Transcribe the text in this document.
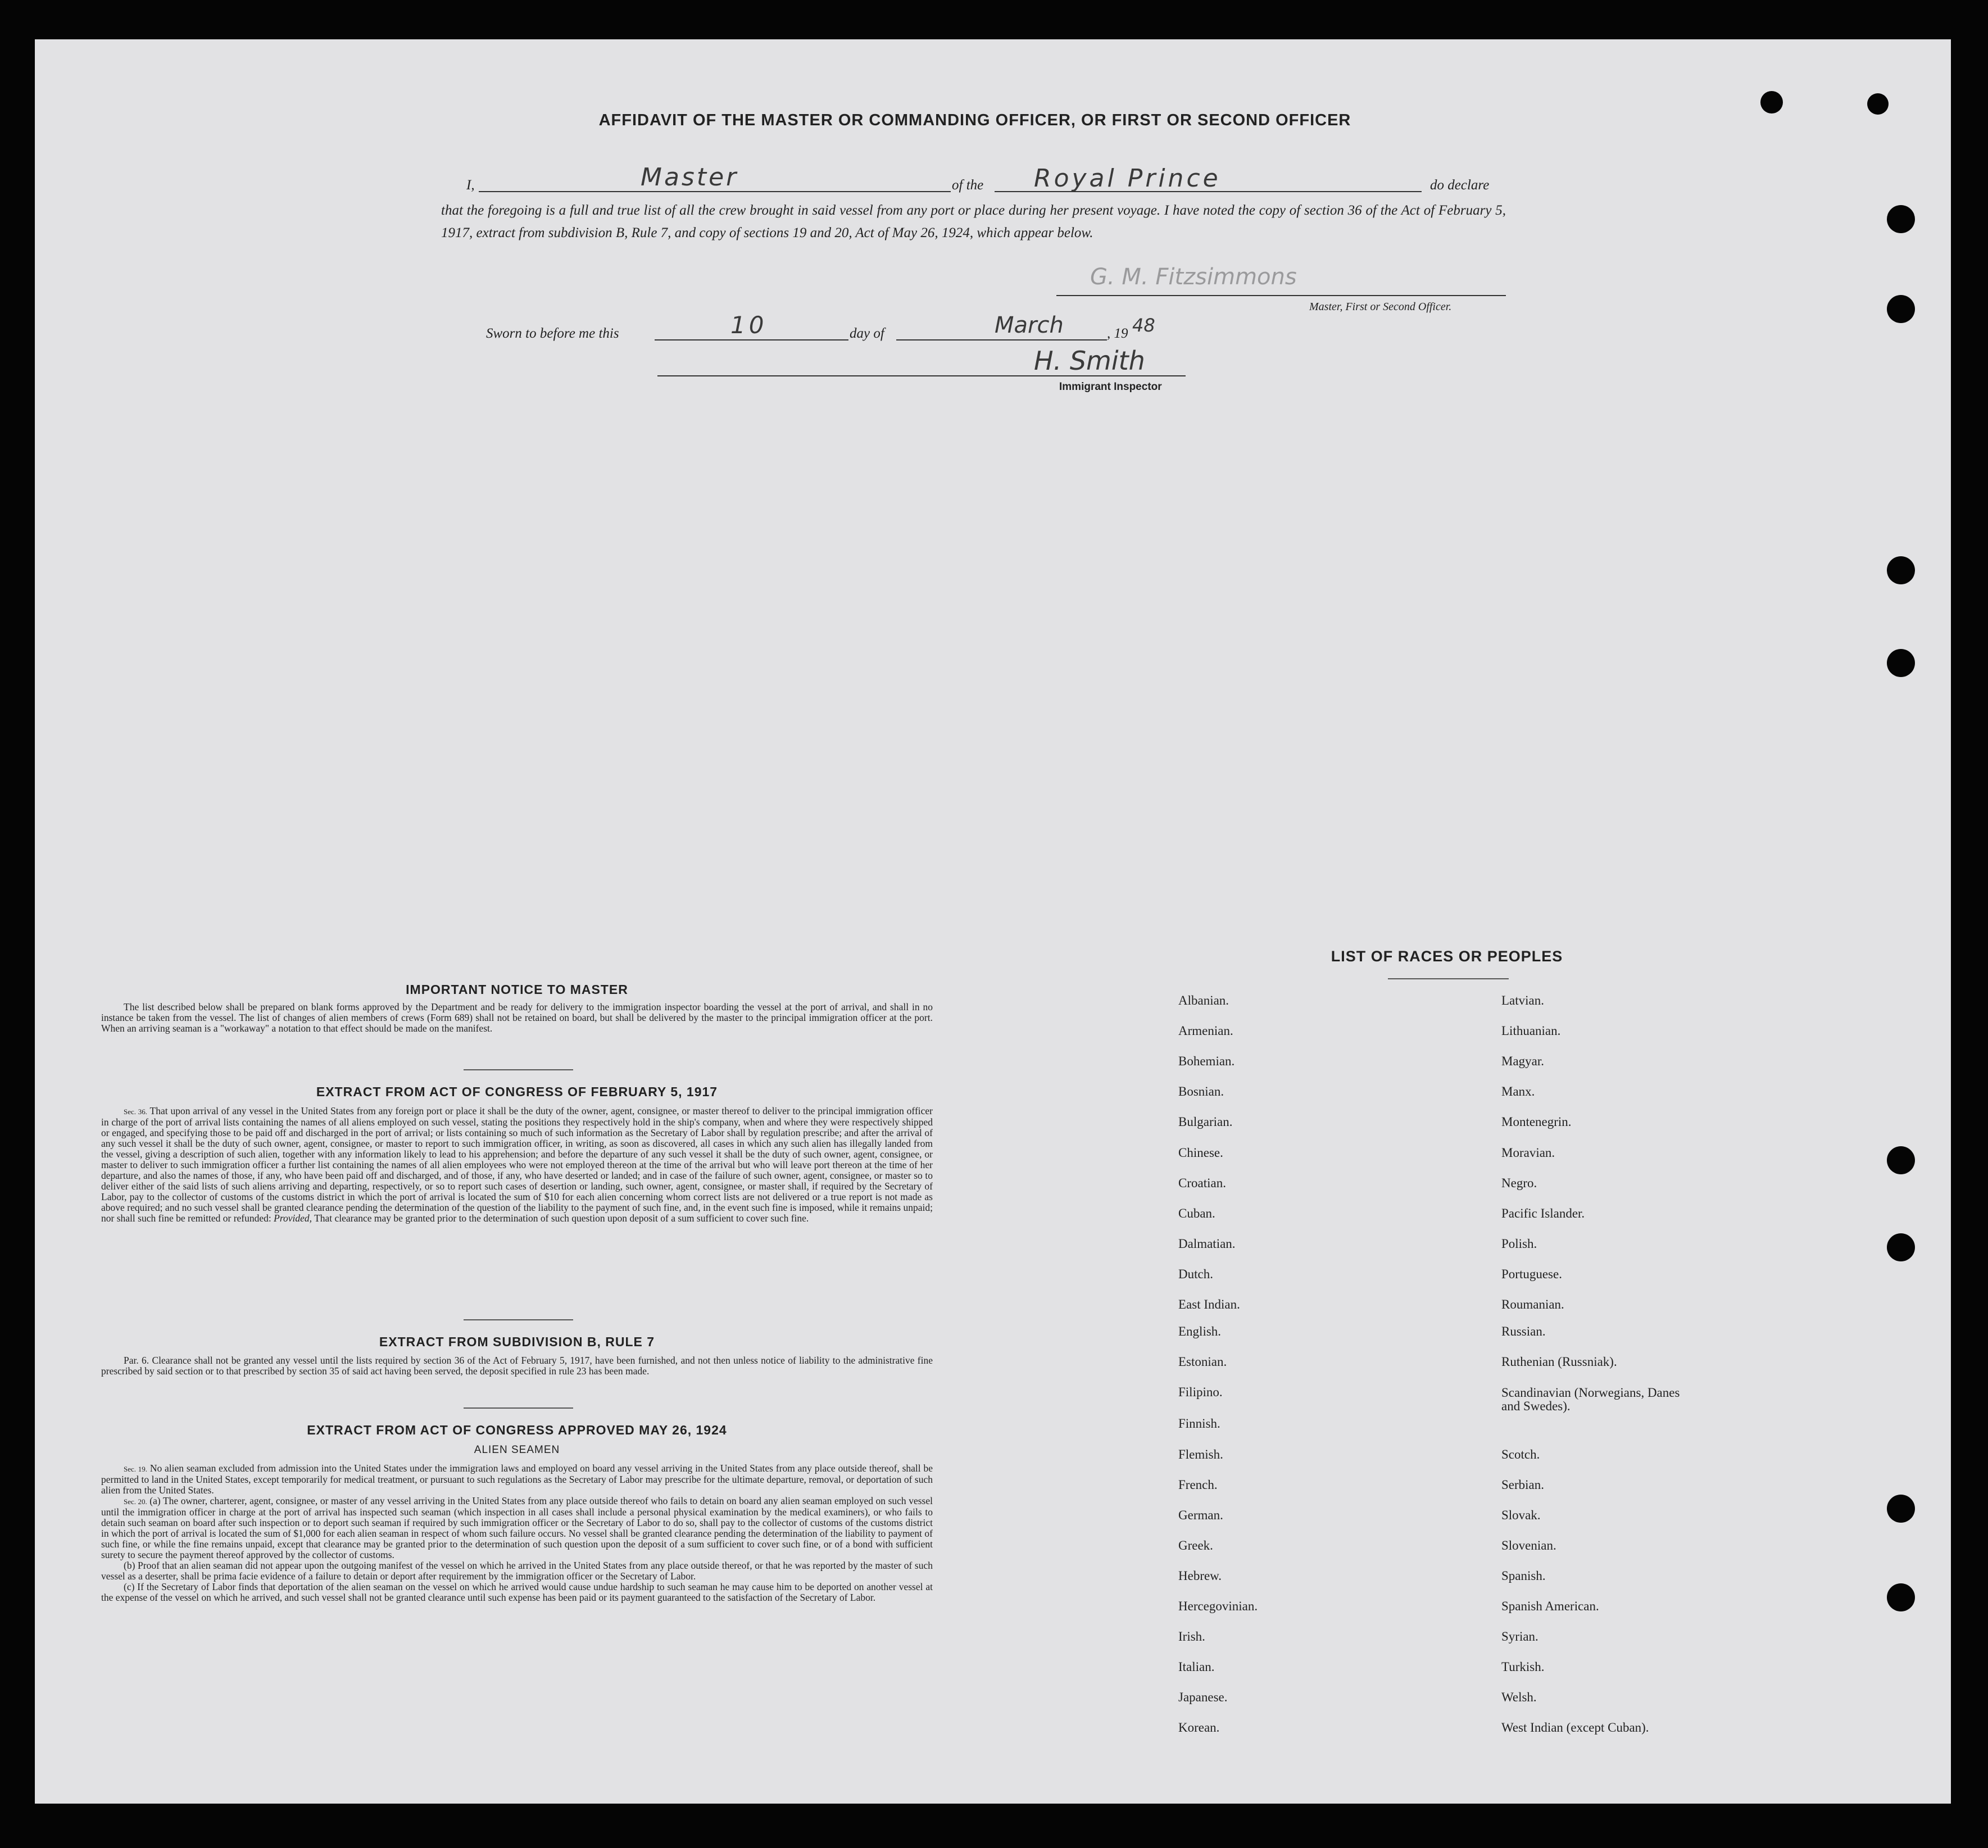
AFFIDAVIT OF THE MASTER OR COMMANDING OFFICER, OR FIRST OR SECOND OFFICER
I,	Master	of the Royal Prince	do declare
that the foregoing is a full and true list of all the crew brought in said vessel from any port or place during her present voyage. I have noted the copy of section 36 of the Act of February 5, 1917, extract from subdivision B, Rule 7, and copy of sections 19 and 20, Act of May 26, 1924, which appear below.
G. M. Fitzsimmons
Master, First or Second Officer.
Sworn to before me this	10	day of	March	, 19 48
H. Smith
Immigrant Inspector
IMPORTANT NOTICE TO MASTER

The list described below shall be prepared on blank forms approved by the Department and be ready for delivery to the immigration inspector boarding the vessel at the port of arrival, and shall in no instance be taken from the vessel. The list of changes of alien members of crews (Form 689) shall not be retained on board, but shall be delivered by the master to the principal immigration officer at the port. When an arriving seaman is a "workaway" a notation to that effect should be made on the manifest.

EXTRACT FROM ACT OF CONGRESS OF FEBRUARY 5, 1917

Sec. 36. That upon arrival of any vessel in the United States from any foreign port or place it shall be the duty of the owner, agent, consignee, or master thereof to deliver to the principal immigration officer in charge of the port of arrival lists containing the names of all aliens employed on such vessel, stating the positions they respectively hold in the ship's company, when and where they were respectively shipped or engaged, and specifying those to be paid off and discharged in the port of arrival; or lists containing so much of such information as the Secretary of Labor shall by regulation prescribe; and after the arrival of any such vessel it shall be the duty of such owner, agent, consignee, or master to report to such immigration officer, in writing, as soon as discovered, all cases in which any such alien has illegally landed from the vessel, giving a description of such alien, together with any information likely to lead to his apprehension; and before the departure of any such vessel it shall be the duty of such owner, agent, consignee, or master to deliver to such immigration officer a further list containing the names of all alien employees who were not employed thereon at the time of the arrival but who will leave port thereon at the time of her departure, and also the names of those, if any, who have been paid off and discharged, and of those, if any, who have deserted or landed; and in case of the failure of such owner, agent, consignee, or master so to deliver either of the said lists of such aliens arriving and departing, respectively, or so to report such cases of desertion or landing, such owner, agent, consignee, or master shall, if required by the Secretary of Labor, pay to the collector of customs of the customs district in which the port of arrival is located the sum of $10 for each alien concerning whom correct lists are not delivered or a true report is not made as above required; and no such vessel shall be granted clearance pending the determination of the question of the liability to the payment of such fine, and, in the event such fine is imposed, while it remains unpaid; nor shall such fine be remitted or refunded: Provided, That clearance may be granted prior to the determination of such question upon deposit of a sum sufficient to cover such fine.

EXTRACT FROM SUBDIVISION B, RULE 7

Par. 6. Clearance shall not be granted any vessel until the lists required by section 36 of the Act of February 5, 1917, have been furnished, and not then unless notice of liability to the administrative fine prescribed by said section or to that prescribed by section 35 of said act having been served, the deposit specified in rule 23 has been made.

EXTRACT FROM ACT OF CONGRESS APPROVED MAY 26, 1924
ALIEN SEAMEN

Sec. 19. No alien seaman excluded from admission into the United States under the immigration laws and employed on board any vessel arriving in the United States from any place outside thereof, shall be permitted to land in the United States, except temporarily for medical treatment, or pursuant to such regulations as the Secretary of Labor may prescribe for the ultimate departure, removal, or deportation of such alien from the United States.

Sec. 20. (a) The owner, charterer, agent, consignee, or master of any vessel arriving in the United States from any place outside thereof who fails to detain on board any alien seaman employed on such vessel until the immigration officer in charge at the port of arrival has inspected such seaman (which inspection in all cases shall include a personal physical examination by the medical examiners), or who fails to detain such seaman on board after such inspection or to deport such seaman if required by such immigration officer or the Secretary of Labor to do so, shall pay to the collector of customs of the customs district in which the port of arrival is located the sum of $1,000 for each alien seaman in respect of whom such failure occurs. No vessel shall be granted clearance pending the determination of the liability to payment of such fine, or while the fine remains unpaid, except that clearance may be granted prior to the determination of such question upon the deposit of a sum sufficient to cover such fine, or of a bond with sufficient surety to secure the payment thereof approved by the collector of customs.

(b) Proof that an alien seaman did not appear upon the outgoing manifest of the vessel on which he arrived in the United States from any place outside thereof, or that he was reported by the master of such vessel as a deserter, shall be prima facie evidence of a failure to detain or deport after requirement by the immigration officer or the Secretary of Labor.

(c) If the Secretary of Labor finds that deportation of the alien seaman on the vessel on which he arrived would cause undue hardship to such seaman he may cause him to be deported on another vessel at the expense of the vessel on which he arrived, and such vessel shall not be granted clearance until such expense has been paid or its payment guaranteed to the satisfaction of the Secretary of Labor.

LIST OF RACES OR PEOPLES
Albanian.
Armenian.
Bohemian.
Bosnian.
Bulgarian.
Chinese.
Croatian.
Cuban.
Dalmatian.
Dutch.
East Indian.
English.
Estonian.
Filipino.
Finnish.
Flemish.
French.
German.
Greek.
Hebrew.
Hercegovinian.
Irish.
Italian.
Japanese.
Korean.
Latvian.
Lithuanian.
Magyar.
Manx.
Montenegrin.
Moravian.
Negro.
Pacific Islander.
Polish.
Portuguese.
Roumanian.
Russian.
Ruthenian (Russniak).
Scandinavian (Norwegians, Danes and Swedes).
Scotch.
Serbian.
Slovak.
Slovenian.
Spanish.
Spanish American.
Syrian.
Turkish.
Welsh.
West Indian (except Cuban).
